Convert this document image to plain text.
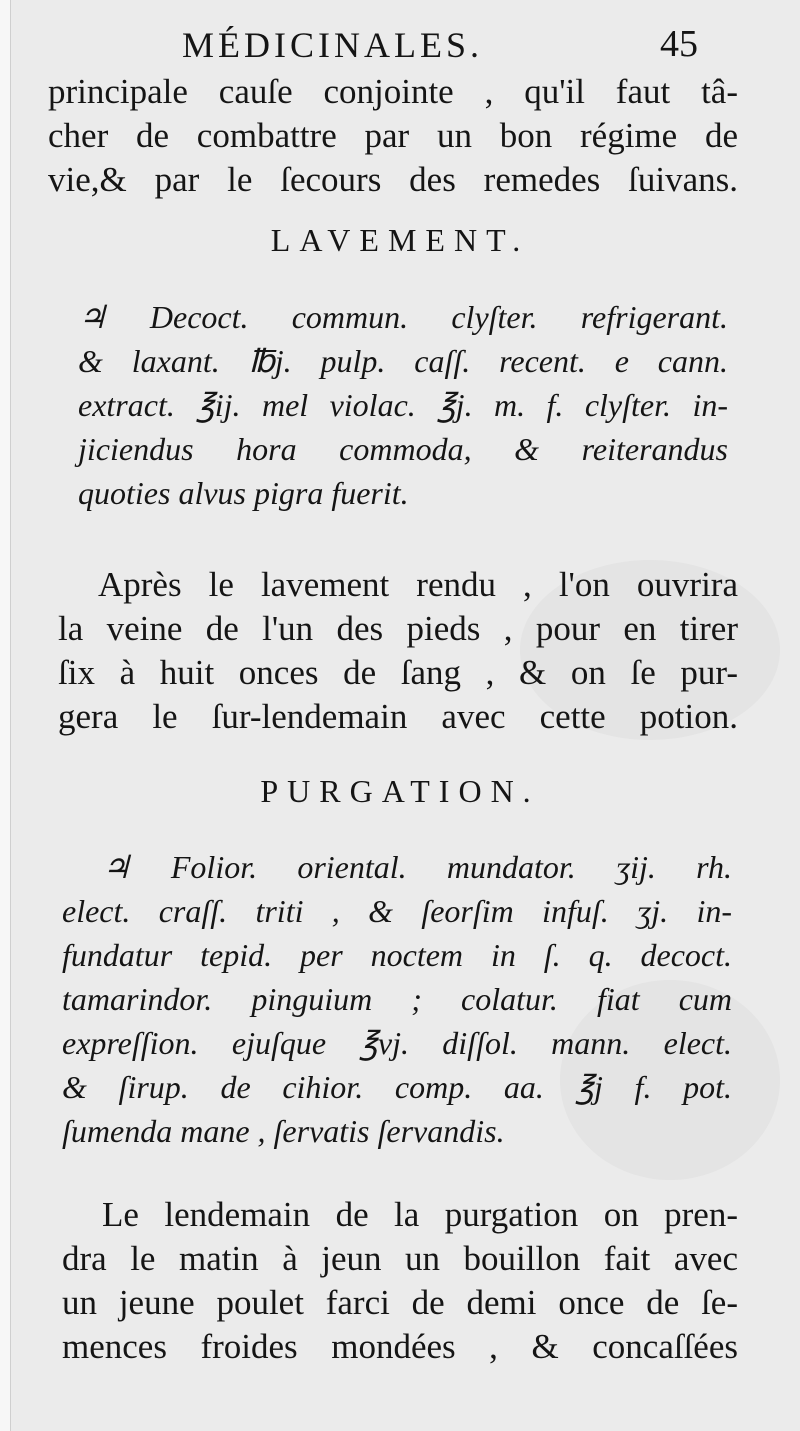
MÉDICINALES.	45
principale cauſe conjointe , qu'il faut tâ-
cher de combattre par un bon régime de
vie,& par le ſecours des remedes ſuivans.
LAVEMENT.
♃ Decoct. commun. clyſter. refrigerant.
& laxant. ℔j. pulp. caſſ. recent. e cann.
extract. ℥ij. mel violac. ℥j. m. f. clyſter. in-
jiciendus hora commoda, & reiterandus
quoties alvus pigra fuerit.
Après le lavement rendu , l'on ouvrira
la veine de l'un des pieds , pour en tirer
ſix à huit onces de ſang , & on ſe pur-
gera le ſur-lendemain avec cette potion.
PURGATION.
♃ Folior. oriental. mundator. ʒij. rh.
elect. craſſ. triti , & ſeorſim infuſ. ʒj. in-
fundatur tepid. per noctem in ſ. q. decoct.
tamarindor. pinguium ; colatur. fiat cum
expreſſion. ejuſque ℥vj. diſſol. mann. elect.
& ſirup. de cihior. comp. aa. ℥j f. pot.
ſumenda mane , ſervatis ſervandis.
Le lendemain de la purgation on pren-
dra le matin à jeun un bouillon fait avec
un jeune poulet farci de demi once de ſe-
mences froides mondées , & concaſſées
